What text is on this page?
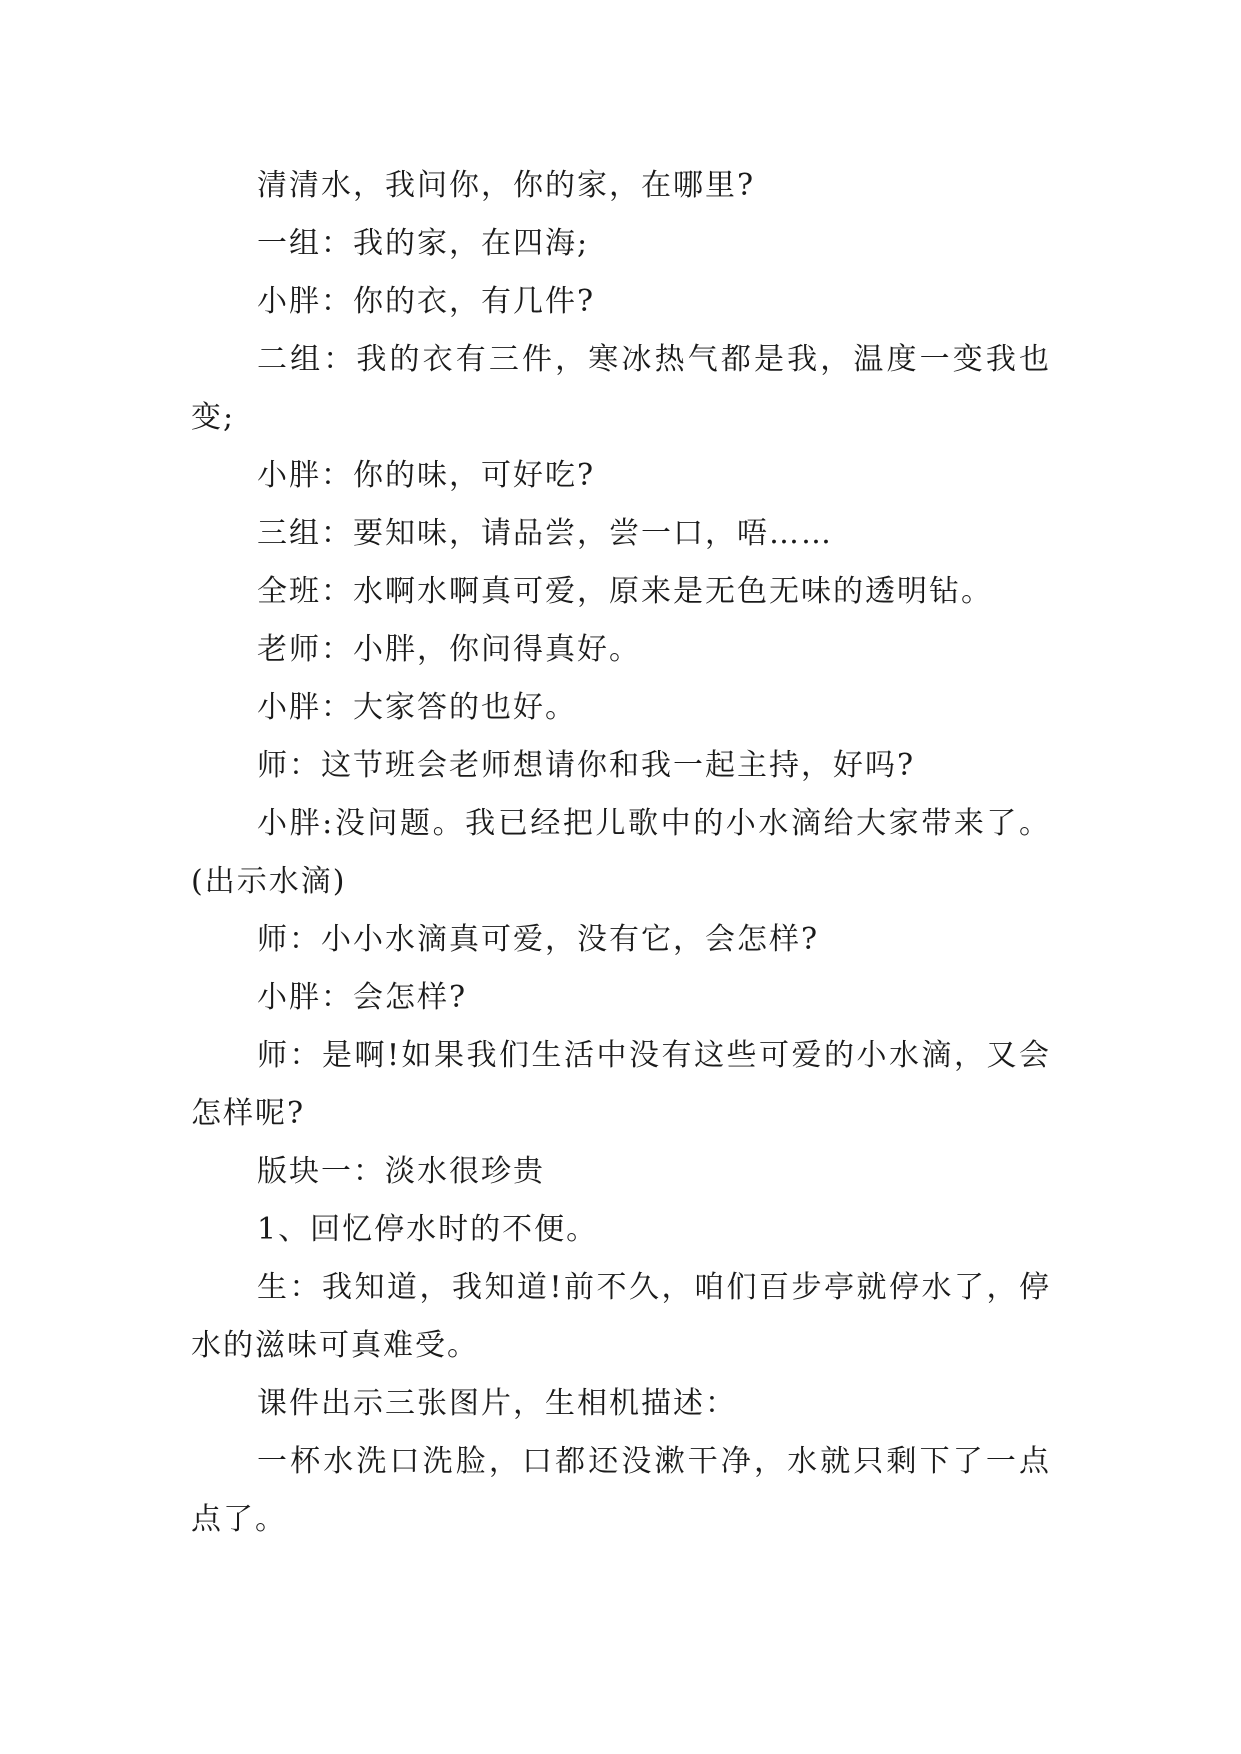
清清水，我问你，你的家，在哪里?

一组：我的家，在四海;

小胖：你的衣，有几件?

二组：我的衣有三件，寒冰热气都是我，温度一变我也变;

小胖：你的味，可好吃?

三组：要知味，请品尝，尝一口，唔……

全班：水啊水啊真可爱，原来是无色无味的透明钻。

老师：小胖，你问得真好。

小胖：大家答的也好。

师：这节班会老师想请你和我一起主持，好吗?

小胖:没问题。我已经把儿歌中的小水滴给大家带来了。(出示水滴)

师：小小水滴真可爱，没有它，会怎样?

小胖：会怎样?

师：是啊!如果我们生活中没有这些可爱的小水滴，又会怎样呢?

版块一：淡水很珍贵

1、回忆停水时的不便。

生：我知道，我知道!前不久，咱们百步亭就停水了，停水的滋味可真难受。

课件出示三张图片，生相机描述：

一杯水洗口洗脸，口都还没漱干净，水就只剩下了一点点了。
